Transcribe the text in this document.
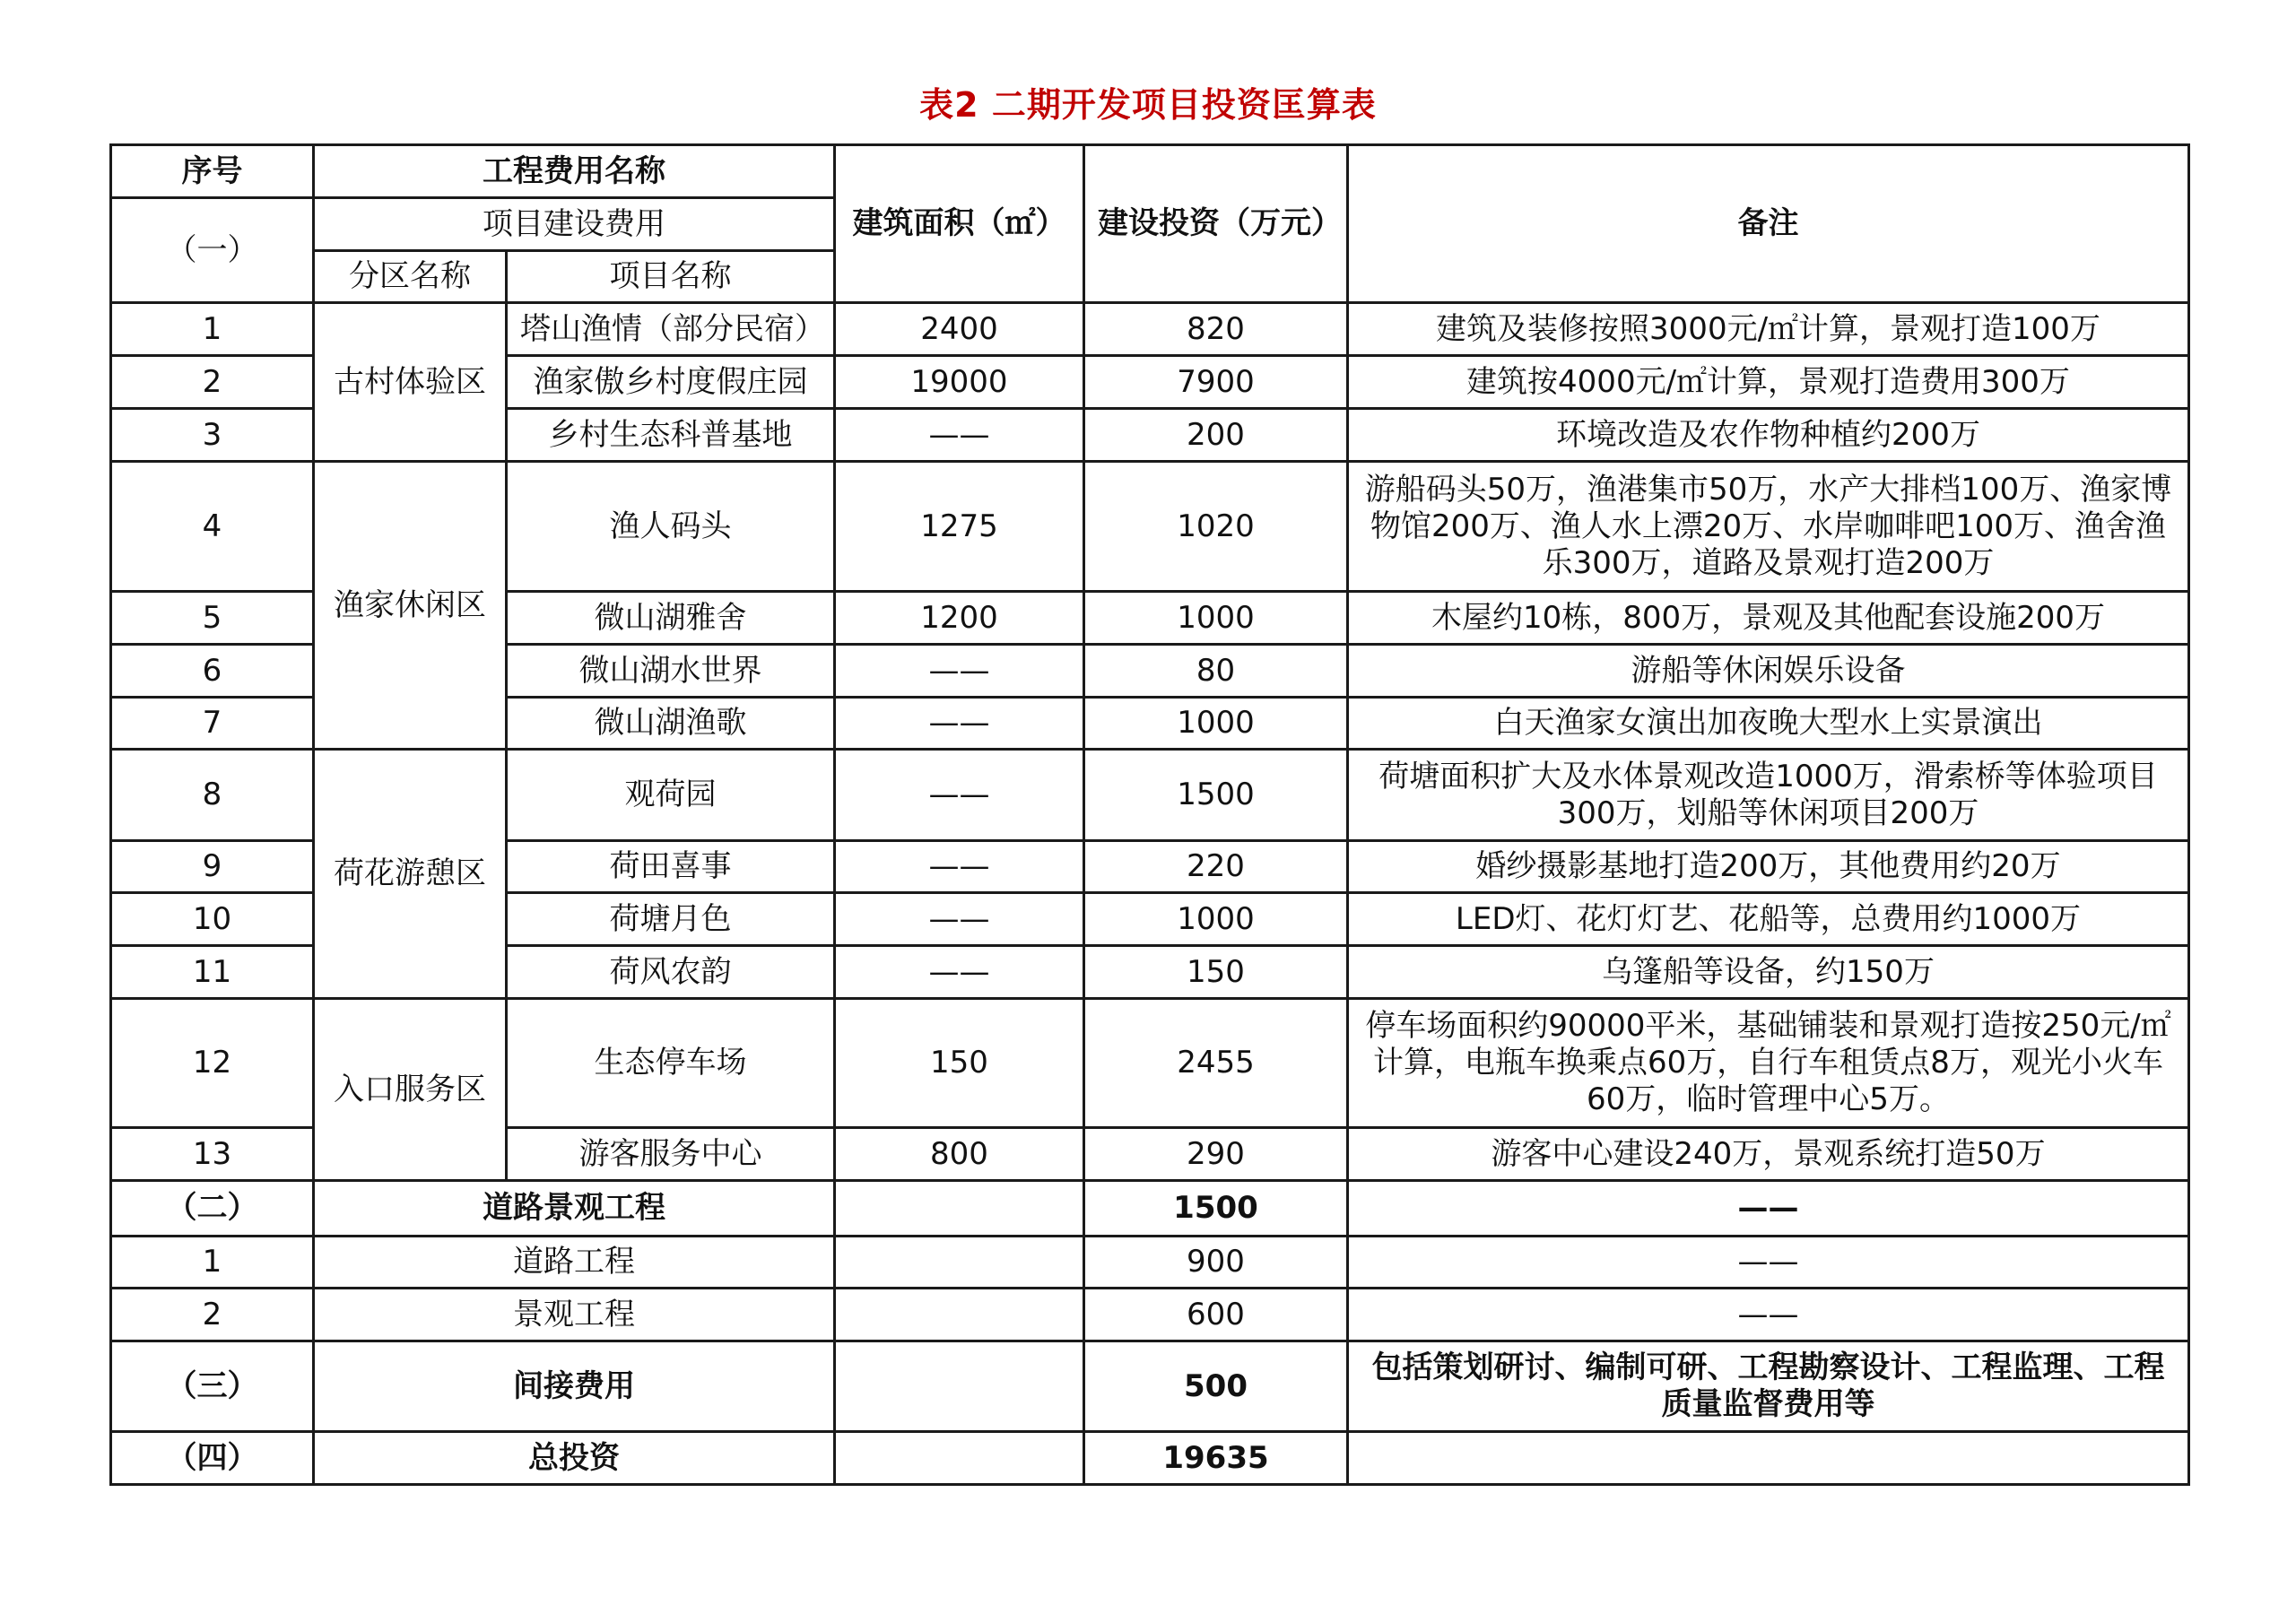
表2 二期开发项目投资匡算表
序号	工程费用名称		建筑面积（㎡）	建设投资（万元）	备注
（一）	项目建设费用				
	分区名称	项目名称			
1	古村体验区	塔山渔情（部分民宿）	2400	820	建筑及装修按照3000元/㎡计算，景观打造100万
2		渔家傲乡村度假庄园	19000	7900	建筑按4000元/㎡计算，景观打造费用300万
3		乡村生态科普基地	——	200	环境改造及农作物种植约200万
4	渔家休闲区	渔人码头	1275	1020	游船码头50万，渔港集市50万，水产大排档100万、渔家博物馆200万、渔人水上漂20万、水岸咖啡吧100万、渔舍渔乐300万，道路及景观打造200万
5		微山湖雅舍	1200	1000	木屋约10栋，800万，景观及其他配套设施200万
6		微山湖水世界	——	80	游船等休闲娱乐设备
7		微山湖渔歌	——	1000	白天渔家女演出加夜晚大型水上实景演出
8	荷花游憩区	观荷园	——	1500	荷塘面积扩大及水体景观改造1000万，滑索桥等体验项目300万，划船等休闲项目200万
9		荷田喜事	——	220	婚纱摄影基地打造200万，其他费用约20万
10		荷塘月色	——	1000	LED灯、花灯灯艺、花船等，总费用约1000万
11		荷风农韵	——	150	乌篷船等设备，约150万
12	入口服务区	生态停车场	150	2455	停车场面积约90000平米，基础铺装和景观打造按250元/㎡计算，电瓶车换乘点60万，自行车租赁点8万，观光小火车60万，临时管理中心5万。
13		游客服务中心	800	290	游客中心建设240万，景观系统打造50万
（二）	道路景观工程			1500	——
1	道路工程			900	——
2	景观工程			600	——
（三）	间接费用			500	包括策划研讨、编制可研、工程勘察设计、工程监理、工程质量监督费用等
（四）	总投资			19635	
